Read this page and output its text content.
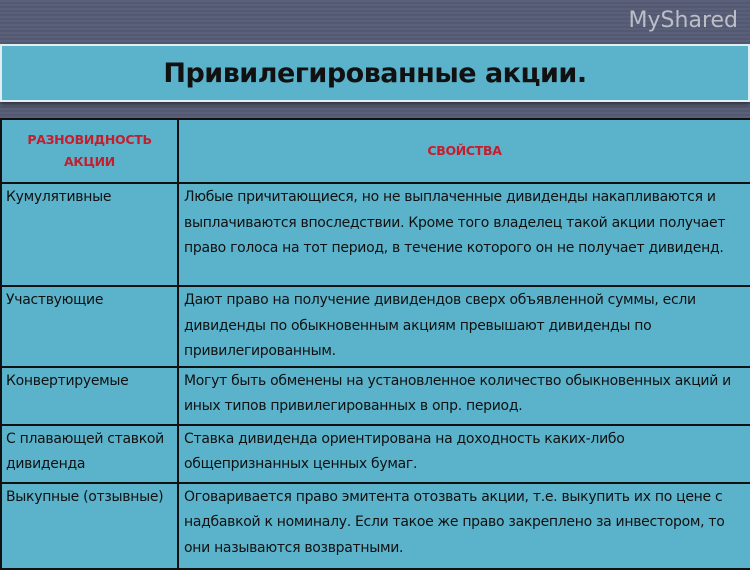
Привилегированные акции.
РАЗНОВИДНОСТЬ АКЦИИ	СВОЙСТВА
Кумулятивные	Любые причитающиеся, но не выплаченные дивиденды накапливаются и выплачиваются впоследствии. Кроме того владелец такой акции получает право голоса на тот период, в течение которого он не получает дивиденд.
Участвующие	Дают право на получение дивидендов сверх объявленной суммы, если дивиденды по обыкновенным акциям превышают дивиденды по привилегированным.
Конвертируемые	Могут быть обменены на установленное количество обыкновенных акций и иных типов привилегированных в опр. период.
С плавающей ставкой дивиденда	Ставка дивиденда ориентирована на доходность каких-либо общепризнанных ценных бумаг.
Выкупные (отзывные)	Оговаривается право эмитента отозвать акции, т.е. выкупить их по цене с надбавкой к номиналу. Если такое же право закреплено за инвестором, то они называются возвратными.
MyShared
